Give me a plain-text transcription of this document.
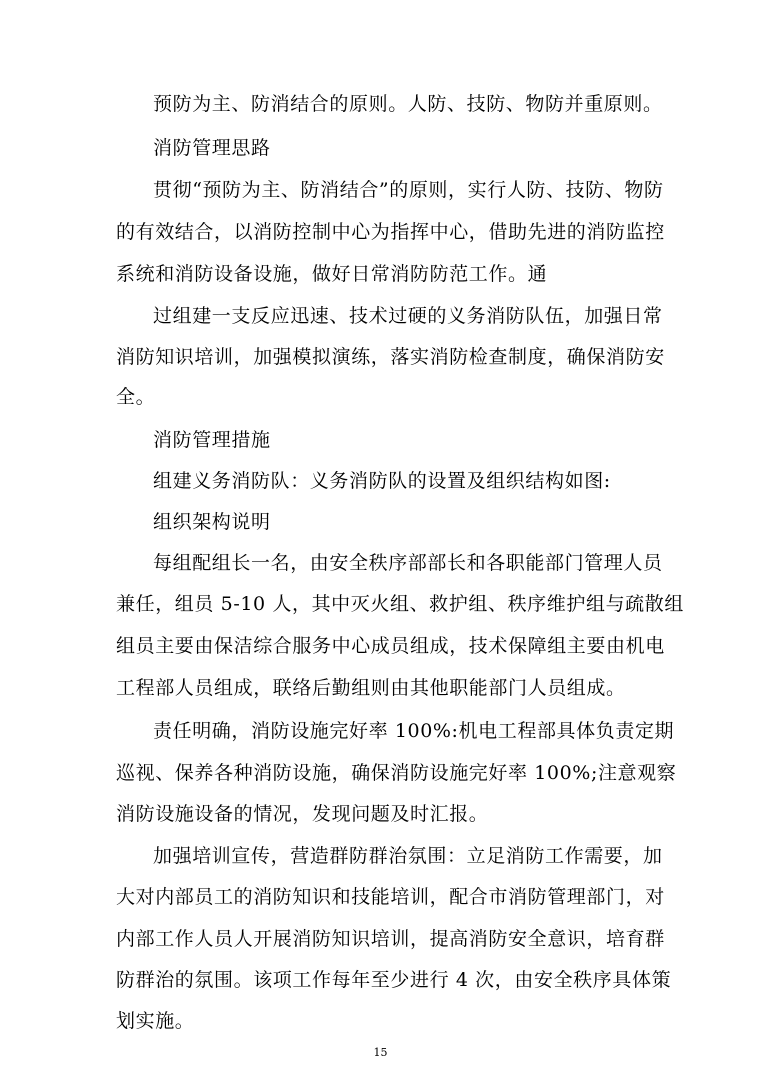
预防为主、防消结合的原则。人防、技防、物防并重原则。
消防管理思路
贯彻“预防为主、防消结合”的原则，实行人防、技防、物防
的有效结合，以消防控制中心为指挥中心，借助先进的消防监控
系统和消防设备设施，做好日常消防防范工作。通
过组建一支反应迅速、技术过硬的义务消防队伍，加强日常
消防知识培训，加强模拟演练，落实消防检查制度，确保消防安
全。
消防管理措施
组建义务消防队：义务消防队的设置及组织结构如图:
组织架构说明
每组配组长一名，由安全秩序部部长和各职能部门管理人员
兼任，组员 5-10 人，其中灭火组、救护组、秩序维护组与疏散组
组员主要由保洁综合服务中心成员组成，技术保障组主要由机电
工程部人员组成，联络后勤组则由其他职能部门人员组成。
责任明确，消防设施完好率 100%:机电工程部具体负责定期
巡视、保养各种消防设施，确保消防设施完好率 100%;注意观察
消防设施设备的情况，发现问题及时汇报。
加强培训宣传，营造群防群治氛围：立足消防工作需要，加
大对内部员工的消防知识和技能培训，配合市消防管理部门，对
内部工作人员人开展消防知识培训，提高消防安全意识，培育群
防群治的氛围。该项工作每年至少进行 4 次，由安全秩序具体策
划实施。
15
